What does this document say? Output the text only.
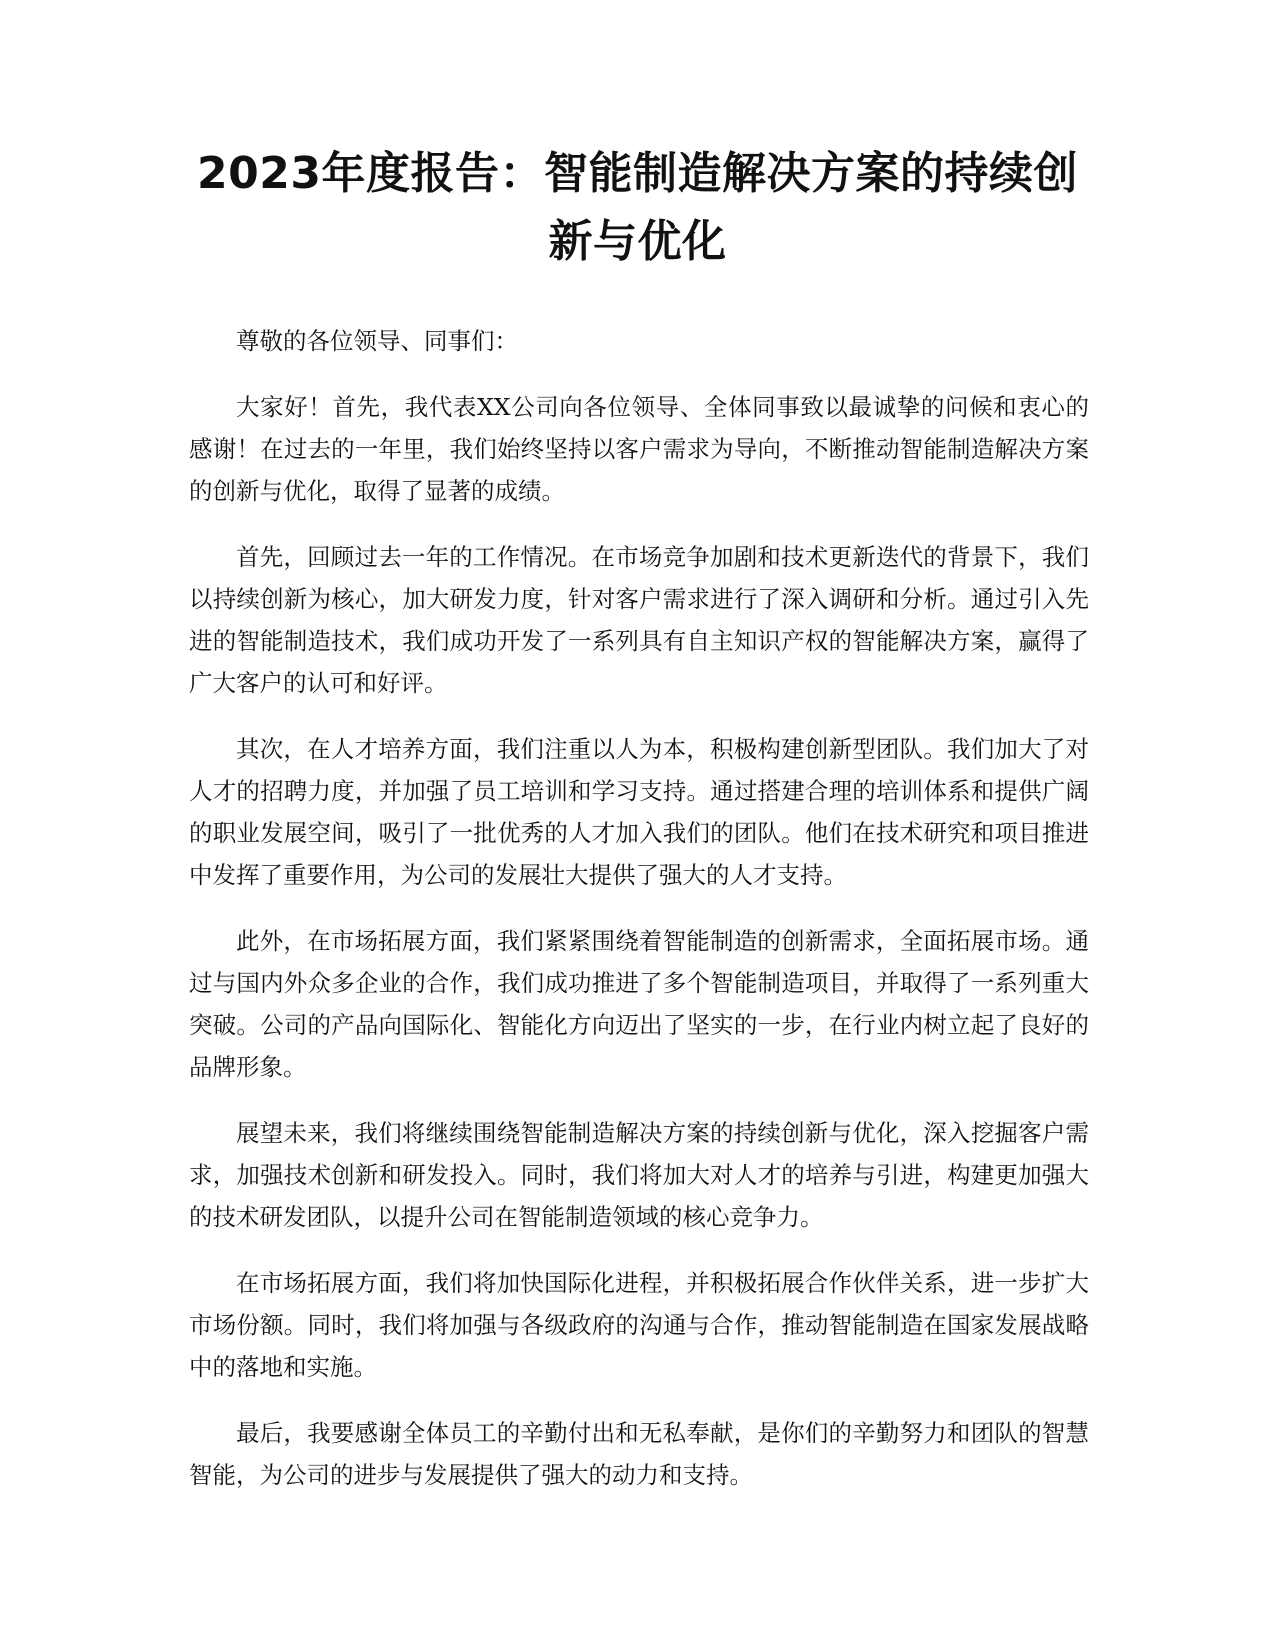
2023年度报告：智能制造解决方案的持续创新与优化

尊敬的各位领导、同事们：

大家好！首先，我代表XX公司向各位领导、全体同事致以最诚挚的问候和衷心的感谢！在过去的一年里，我们始终坚持以客户需求为导向，不断推动智能制造解决方案的创新与优化，取得了显著的成绩。

首先，回顾过去一年的工作情况。在市场竞争加剧和技术更新迭代的背景下，我们以持续创新为核心，加大研发力度，针对客户需求进行了深入调研和分析。通过引入先进的智能制造技术，我们成功开发了一系列具有自主知识产权的智能解决方案，赢得了广大客户的认可和好评。

其次，在人才培养方面，我们注重以人为本，积极构建创新型团队。我们加大了对人才的招聘力度，并加强了员工培训和学习支持。通过搭建合理的培训体系和提供广阔的职业发展空间，吸引了一批优秀的人才加入我们的团队。他们在技术研究和项目推进中发挥了重要作用，为公司的发展壮大提供了强大的人才支持。

此外，在市场拓展方面，我们紧紧围绕着智能制造的创新需求，全面拓展市场。通过与国内外众多企业的合作，我们成功推进了多个智能制造项目，并取得了一系列重大突破。公司的产品向国际化、智能化方向迈出了坚实的一步，在行业内树立起了良好的品牌形象。

展望未来，我们将继续围绕智能制造解决方案的持续创新与优化，深入挖掘客户需求，加强技术创新和研发投入。同时，我们将加大对人才的培养与引进，构建更加强大的技术研发团队，以提升公司在智能制造领域的核心竞争力。

在市场拓展方面，我们将加快国际化进程，并积极拓展合作伙伴关系，进一步扩大市场份额。同时，我们将加强与各级政府的沟通与合作，推动智能制造在国家发展战略中的落地和实施。

最后，我要感谢全体员工的辛勤付出和无私奉献，是你们的辛勤努力和团队的智慧智能，为公司的进步与发展提供了强大的动力和支持。
